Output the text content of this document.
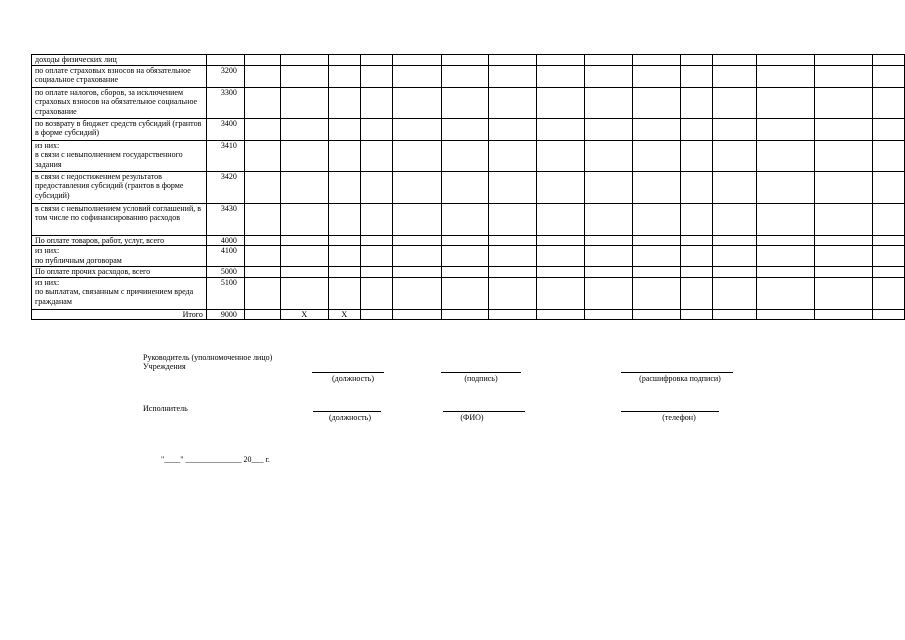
доходы физических лиц																
по оплате страховых взносов на обязательное социальное страхование	3200															
по оплате налогов, сборов, за исключением страховых взносов на обязательное социальное страхование	3300															
по возврату в бюджет средств субсидий (грантов в форме субсидий)	3400															
из них:
в связи с невыполнением государственного задания	3410															
в связи с недостижением результатов предоставления субсидий (грантов в форме субсидий)	3420															
в связи с невыполнением условий соглашений, в том числе по софинансированию расходов	3430															
По оплате товаров, работ, услуг, всего	4000															
из них:
по публичным договорам	4100															
По оплате прочих расходов, всего	5000															
из них:
по выплатам, связанным с причинением вреда гражданам	5100															
Итого	9000		Х	Х												
Руководитель (уполномоченное лицо)
Учреждения
(должность)	(подпись)	(расшифровка подписи)
Исполнитель
(должность)	(ФИО)	(телефон)
"____" ______________ 20___ г.
